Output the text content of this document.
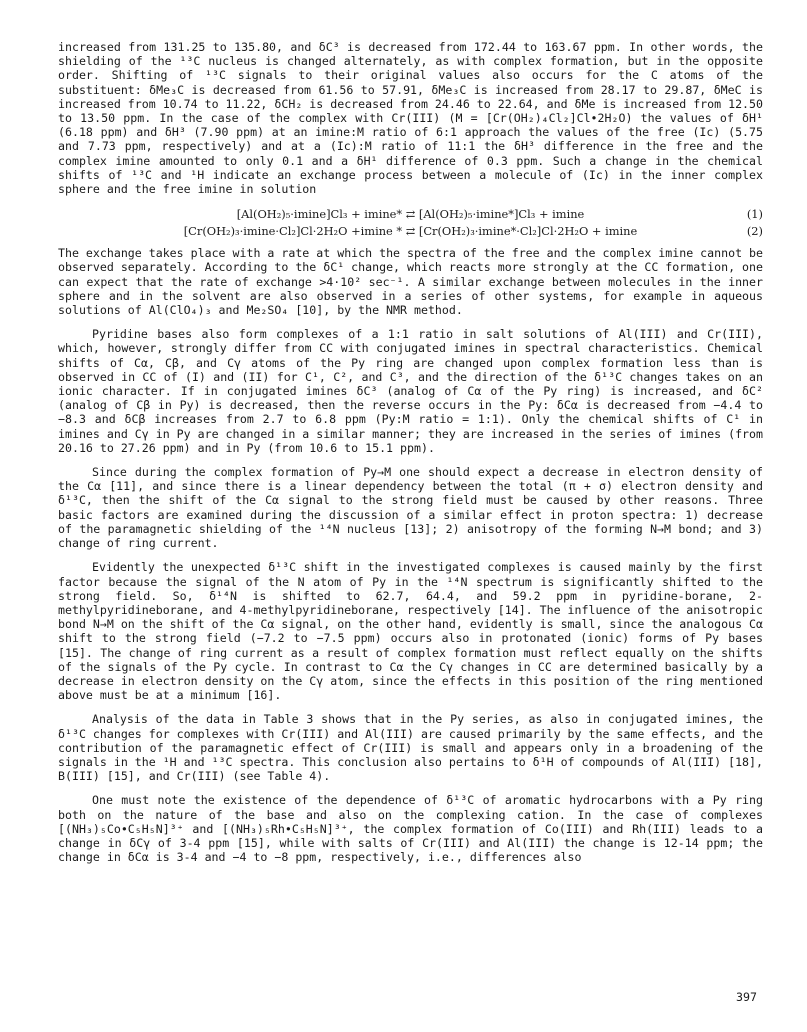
increased from 131.25 to 135.80, and δC³ is decreased from 172.44 to 163.67 ppm. In other words, the shielding of the ¹³C nucleus is changed alternately, as with complex formation, but in the opposite order. Shifting of ¹³C signals to their original values also occurs for the C atoms of the substituent: δMe₃C is decreased from 61.56 to 57.91, δMe₃C is increased from 28.17 to 29.87, δMeC is increased from 10.74 to 11.22, δCH₂ is decreased from 24.46 to 22.64, and δMe is increased from 12.50 to 13.50 ppm. In the case of the complex with Cr(III) (M = [Cr(OH₂)₄Cl₂]Cl•2H₂O) the values of δH¹ (6.18 ppm) and δH³ (7.90 ppm) at an imine:M ratio of 6:1 approach the values of the free (Ic) (5.75 and 7.73 ppm, respectively) and at a (Ic):M ratio of 11:1 the δH³ difference in the free and the complex imine amounted to only 0.1 and a δH¹ difference of 0.3 ppm. Such a change in the chemical shifts of ¹³C and ¹H indicate an exchange process between a molecule of (Ic) in the inner complex sphere and the free imine in solution

[Al(OH₂)₅·imine]Cl₃ + imine* ⇄ [Al(OH₂)₅·imine*]Cl₃ + imine	(1)
[Cr(OH₂)₃·imine·Cl₂]Cl·2H₂O +imine * ⇄ [Cr(OH₂)₃·imine*·Cl₂]Cl·2H₂O + imine	(2)

The exchange takes place with a rate at which the spectra of the free and the complex imine cannot be observed separately. According to the δC¹ change, which reacts more strongly at the CC formation, one can expect that the rate of exchange >4·10² sec⁻¹. A similar exchange between molecules in the inner sphere and in the solvent are also observed in a series of other systems, for example in aqueous solutions of Al(ClO₄)₃ and Me₂SO₄ [10], by the NMR method.

Pyridine bases also form complexes of a 1:1 ratio in salt solutions of Al(III) and Cr(III), which, however, strongly differ from CC with conjugated imines in spectral characteristics. Chemical shifts of Cα, Cβ, and Cγ atoms of the Py ring are changed upon complex formation less than is observed in CC of (I) and (II) for C¹, C², and C³, and the direction of the δ¹³C changes takes on an ionic character. If in conjugated imines δC³ (analog of Cα of the Py ring) is increased, and δC² (analog of Cβ in Py) is decreased, then the reverse occurs in the Py: δCα is decreased from −4.4 to −8.3 and δCβ increases from 2.7 to 6.8 ppm (Py:M ratio = 1:1). Only the chemical shifts of C¹ in imines and Cγ in Py are changed in a similar manner; they are increased in the series of imines (from 20.16 to 27.26 ppm) and in Py (from 10.6 to 15.1 ppm).

Since during the complex formation of Py→M one should expect a decrease in electron density of the Cα [11], and since there is a linear dependency between the total (π + σ) electron density and δ¹³C, then the shift of the Cα signal to the strong field must be caused by other reasons. Three basic factors are examined during the discussion of a similar effect in proton spectra: 1) decrease of the paramagnetic shielding of the ¹⁴N nucleus [13]; 2) anisotropy of the forming N→M bond; and 3) change of ring current.

Evidently the unexpected δ¹³C shift in the investigated complexes is caused mainly by the first factor because the signal of the N atom of Py in the ¹⁴N spectrum is significantly shifted to the strong field. So, δ¹⁴N is shifted to 62.7, 64.4, and 59.2 ppm in pyridine-borane, 2-methylpyridineborane, and 4-methylpyridineborane, respectively [14]. The influence of the anisotropic bond N→M on the shift of the Cα signal, on the other hand, evidently is small, since the analogous Cα shift to the strong field (−7.2 to −7.5 ppm) occurs also in protonated (ionic) forms of Py bases [15]. The change of ring current as a result of complex formation must reflect equally on the shifts of the signals of the Py cycle. In contrast to Cα the Cγ changes in CC are determined basically by a decrease in electron density on the Cγ atom, since the effects in this position of the ring mentioned above must be at a minimum [16].

Analysis of the data in Table 3 shows that in the Py series, as also in conjugated imines, the δ¹³C changes for complexes with Cr(III) and Al(III) are caused primarily by the same effects, and the contribution of the paramagnetic effect of Cr(III) is small and appears only in a broadening of the signals in the ¹H and ¹³C spectra. This conclusion also pertains to δ¹H of compounds of Al(III) [18], B(III) [15], and Cr(III) (see Table 4).

One must note the existence of the dependence of δ¹³C of aromatic hydrocarbons with a Py ring both on the nature of the base and also on the complexing cation. In the case of complexes [(NH₃)₅Co•C₅H₅N]³⁺ and [(NH₃)₅Rh•C₅H₅N]³⁺, the complex formation of Co(III) and Rh(III) leads to a change in δCγ of 3-4 ppm [15], while with salts of Cr(III) and Al(III) the change is 12-14 ppm; the change in δCα is 3-4 and −4 to −8 ppm, respectively, i.e., differences also

397
